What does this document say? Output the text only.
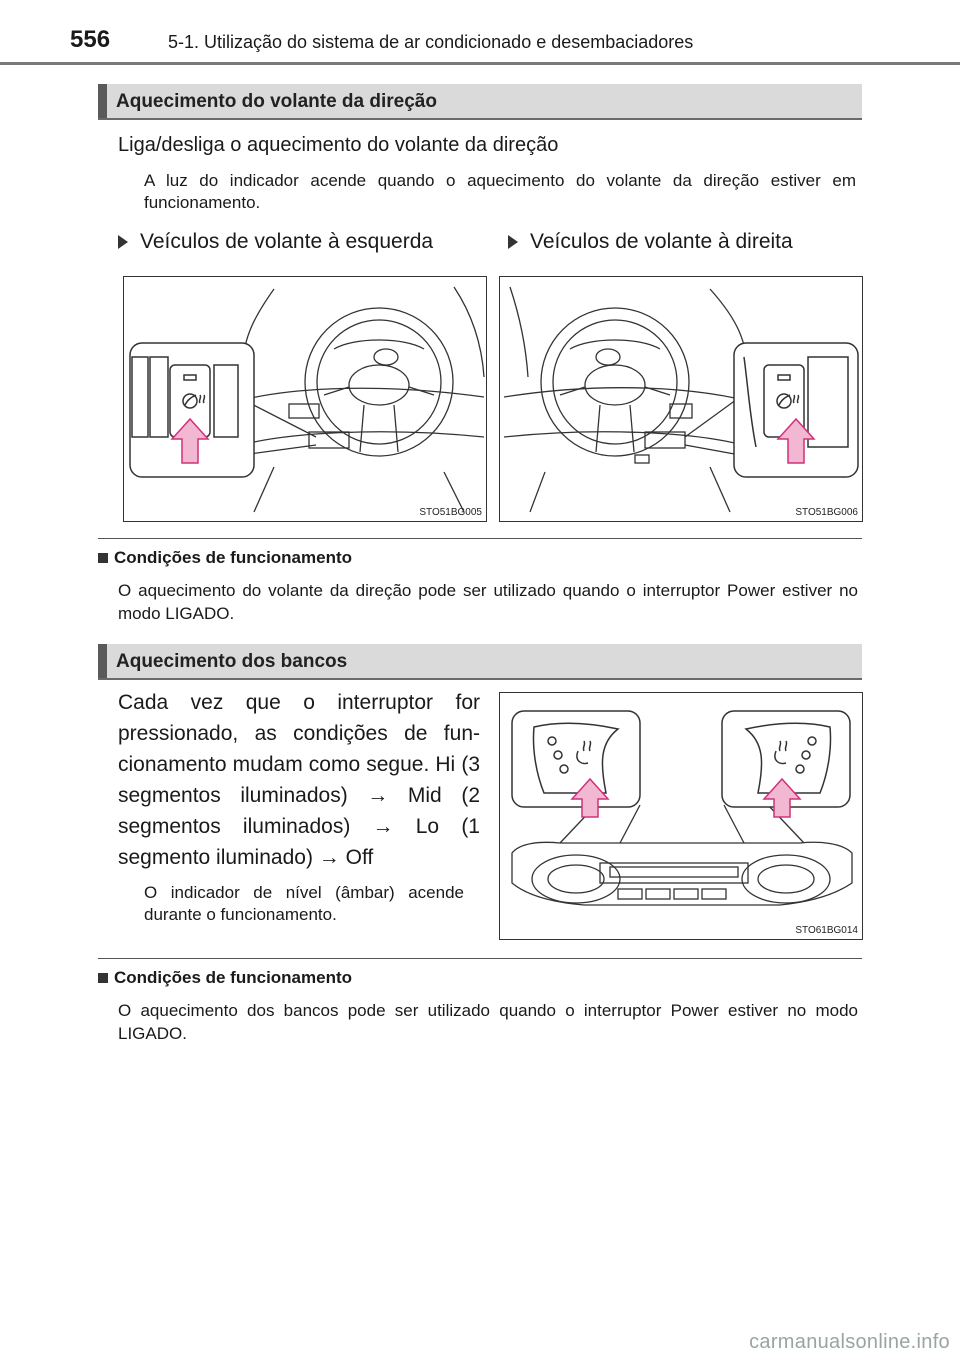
556	5-1. Utilização do sistema de ar condicionado e desembaciadores
Aquecimento do volante da direção
Liga/desliga o aquecimento do volante da direção
A luz do indicador acende quando o aquecimento do volante da direção estiver em funcionamento.
Veículos de volante à esquerda	Veículos de volante à direita
STO51BG005	STO51BG006
Condições de funcionamento
O aquecimento do volante da direção pode ser utilizado quando o interruptor Power estiver no modo LIGADO.
Aquecimento dos bancos
Cada vez que o interruptor for pressionado, as condições de fun-cionamento mudam como segue. Hi (3 segmentos iluminados) → Mid (2 segmentos iluminados) → Lo (1 segmento iluminado) → Off
O indicador de nível (âmbar) acende durante o funcionamento.
STO61BG014
Condições de funcionamento
O aquecimento dos bancos pode ser utilizado quando o interruptor Power estiver no modo LIGADO.
carmanualsonline.info
